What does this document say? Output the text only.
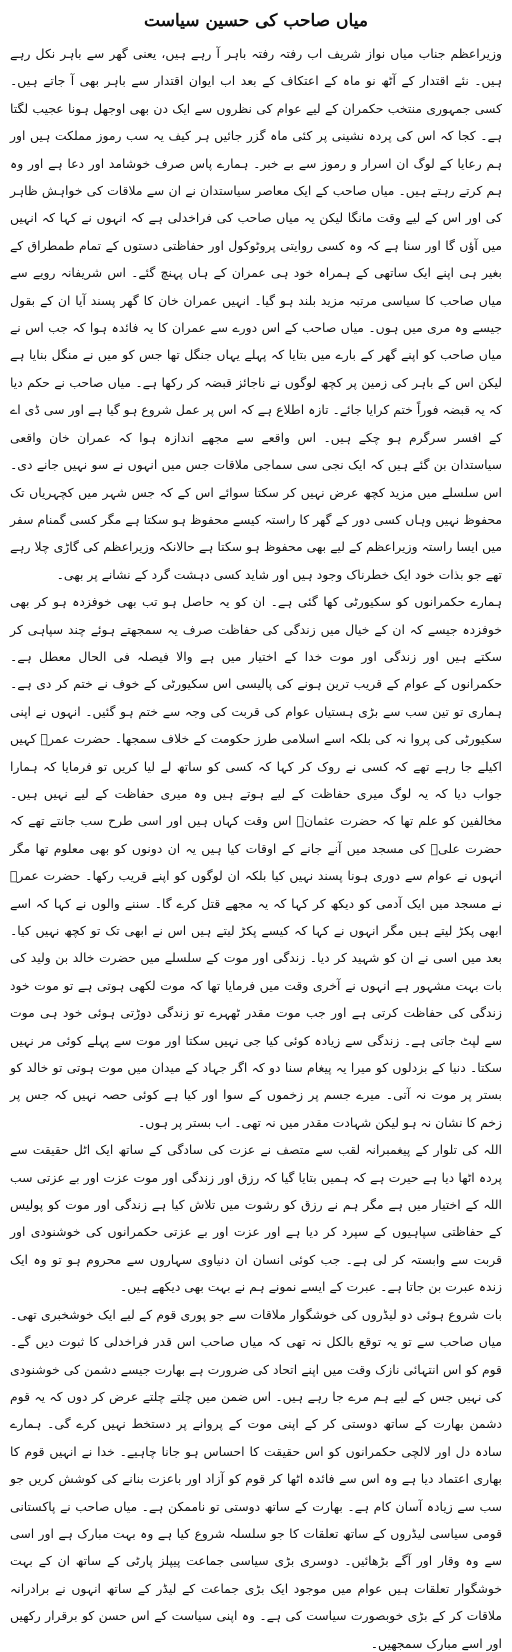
میاں صاحب کی حسین سیاست

وزیراعظم جناب میاں نواز شریف اب رفتہ رفتہ باہر آ رہے ہیں، یعنی گھر سے باہر نکل رہے ہیں۔ نئے اقتدار کے آٹھ نو ماہ کے اعتکاف کے بعد اب ایوان اقتدار سے باہر بھی آ جاتے ہیں۔ کسی جمہوری منتخب حکمران کے لیے عوام کی نظروں سے ایک دن بھی اوجھل ہونا عجیب لگتا ہے۔ کجا کہ اس کی پردہ نشینی پر کئی ماہ گزر جائیں ہر کیف یہ سب رموز مملکت ہیں اور ہم رعایا کے لوگ ان اسرار و رموز سے بے خبر۔ ہمارے پاس صرف خوشامد اور دعا ہے اور وہ ہم کرتے رہتے ہیں۔ میاں صاحب کے ایک معاصر سیاستدان نے ان سے ملاقات کی خواہش ظاہر کی اور اس کے لیے وقت مانگا لیکن یہ میاں صاحب کی فراخدلی ہے کہ انہوں نے کہا کہ انہیں میں آؤں گا اور سنا ہے کہ وہ کسی روایتی پروٹوکول اور حفاظتی دستوں کے تمام طمطراق کے بغیر ہی اپنے ایک ساتھی کے ہمراہ خود ہی عمران کے ہاں پہنچ گئے۔ اس شریفانہ رویے سے میاں صاحب کا سیاسی مرتبہ مزید بلند ہو گیا۔ انہیں عمران خان کا گھر پسند آیا ان کے بقول جیسے وہ مری میں ہوں۔ میاں صاحب کے اس دورے سے عمران کا یہ فائدہ ہوا کہ جب اس نے میاں صاحب کو اپنے گھر کے بارے میں بتایا کہ پہلے یہاں جنگل تھا جس کو میں نے منگل بنایا ہے لیکن اس کے باہر کی زمین پر کچھ لوگوں نے ناجائز قبضہ کر رکھا ہے۔ میاں صاحب نے حکم دیا کہ یہ قبضہ فوراً ختم کرایا جائے۔ تازہ اطلاع ہے کہ اس پر عمل شروع ہو گیا ہے اور سی ڈی اے کے افسر سرگرم ہو چکے ہیں۔ اس واقعے سے مجھے اندازہ ہوا کہ عمران خان واقعی سیاستدان بن گئے ہیں کہ ایک نجی سی سماجی ملاقات جس میں انہوں نے سو نہیں جانے دی۔ اس سلسلے میں مزید کچھ عرض نہیں کر سکتا سوائے اس کے کہ جس شہر میں کچہریاں تک محفوظ نہیں وہاں کسی دور کے گھر کا راستہ کیسے محفوظ ہو سکتا ہے مگر کسی گمنام سفر میں ایسا راستہ وزیراعظم کے لیے بھی محفوظ ہو سکتا ہے حالانکہ وزیراعظم کی گاڑی چلا رہے تھے جو بذات خود ایک خطرناک وجود ہیں اور شاید کسی دہشت گرد کے نشانے پر بھی۔

ہمارے حکمرانوں کو سکیورٹی کھا گئی ہے۔ ان کو یہ حاصل ہو تب بھی خوفزدہ ہو کر بھی خوفزدہ جیسے کہ ان کے خیال میں زندگی کی حفاظت صرف یہ سمجھتے ہوئے چند سپاہی کر سکتے ہیں اور زندگی اور موت خدا کے اختیار میں ہے والا فیصلہ فی الحال معطل ہے۔ حکمرانوں کے عوام کے قریب ترین ہونے کی پالیسی اس سکیورٹی کے خوف نے ختم کر دی ہے۔ ہماری تو تین سب سے بڑی ہستیاں عوام کی قربت کی وجہ سے ختم ہو گئیں۔ انہوں نے اپنی سکیورٹی کی پروا نہ کی بلکہ اسے اسلامی طرز حکومت کے خلاف سمجھا۔ حضرت عمرؓ کہیں اکیلے جا رہے تھے کہ کسی نے روک کر کہا کہ کسی کو ساتھ لے لیا کریں تو فرمایا کہ ہمارا جواب دیا کہ یہ لوگ میری حفاظت کے لیے ہوتے ہیں وہ میری حفاظت کے لیے نہیں ہیں۔ مخالفین کو علم تھا کہ حضرت عثمانؓ اس وقت کہاں ہیں اور اسی طرح سب جانتے تھے کہ حضرت علیؓ کی مسجد میں آنے جانے کے اوقات کیا ہیں یہ ان دونوں کو بھی معلوم تھا مگر انہوں نے عوام سے دوری ہونا پسند نہیں کیا بلکہ ان لوگوں کو اپنے قریب رکھا۔ حضرت عمرؓ نے مسجد میں ایک آدمی کو دیکھ کر کہا کہ یہ مجھے قتل کرے گا۔ سننے والوں نے کہا کہ اسے ابھی پکڑ لیتے ہیں مگر انہوں نے کہا کہ کیسے پکڑ لیتے ہیں اس نے ابھی تک تو کچھ نہیں کیا۔ بعد میں اسی نے ان کو شہید کر دیا۔ زندگی اور موت کے سلسلے میں حضرت خالد بن ولید کی بات بہت مشہور ہے انہوں نے آخری وقت میں فرمایا تھا کہ موت لکھی ہوتی ہے تو موت خود زندگی کی حفاظت کرتی ہے اور جب موت مقدر ٹھہرے تو زندگی دوڑتی ہوئی خود ہی موت سے لپٹ جاتی ہے۔ زندگی سے زیادہ کوئی کیا جی نہیں سکتا اور موت سے پہلے کوئی مر نہیں سکتا۔ دنیا کے بزدلوں کو میرا یہ پیغام سنا دو کہ اگر جہاد کے میدان میں موت ہوتی تو خالد کو بستر پر موت نہ آتی۔ میرے جسم پر زخموں کے سوا اور کیا ہے کوئی حصہ نہیں کہ جس پر زخم کا نشان نہ ہو لیکن شہادت مقدر میں نہ تھی۔ اب بستر پر ہوں۔

اللہ کی تلوار کے پیغمبرانہ لقب سے متصف نے عزت کی سادگی کے ساتھ ایک اٹل حقیقت سے پردہ اٹھا دیا ہے حیرت ہے کہ ہمیں بتایا گیا کہ رزق اور زندگی اور موت عزت اور بے عزتی سب اللہ کے اختیار میں ہے مگر ہم نے رزق کو رشوت میں تلاش کیا ہے زندگی اور موت کو پولیس کے حفاظتی سپاہیوں کے سپرد کر دیا ہے اور عزت اور بے عزتی حکمرانوں کی خوشنودی اور قربت سے وابستہ کر لی ہے۔ جب کوئی انسان ان دنیاوی سہاروں سے محروم ہو تو وہ ایک زندہ عبرت بن جاتا ہے۔ عبرت کے ایسے نمونے ہم نے بہت بھی دیکھے ہیں۔

بات شروع ہوئی دو لیڈروں کی خوشگوار ملاقات سے جو پوری قوم کے لیے ایک خوشخبری تھی۔ میاں صاحب سے تو یہ توقع بالکل نہ تھی کہ میاں صاحب اس قدر فراخدلی کا ثبوت دیں گے۔ قوم کو اس انتہائی نازک وقت میں اپنے اتحاد کی ضرورت ہے بھارت جیسے دشمن کی خوشنودی کی نہیں جس کے لیے ہم مرے جا رہے ہیں۔ اس ضمن میں چلتے چلتے عرض کر دوں کہ یہ قوم دشمن بھارت کے ساتھ دوستی کر کے اپنی موت کے پروانے پر دستخط نہیں کرے گی۔ ہمارے سادہ دل اور لالچی حکمرانوں کو اس حقیقت کا احساس ہو جانا چاہیے۔ خدا نے انہیں قوم کا بھاری اعتماد دیا ہے وہ اس سے فائدہ اٹھا کر قوم کو آزاد اور باعزت بنانے کی کوشش کریں جو سب سے زیادہ آسان کام ہے۔ بھارت کے ساتھ دوستی تو ناممکن ہے۔ میاں صاحب نے پاکستانی قومی سیاسی لیڈروں کے ساتھ تعلقات کا جو سلسلہ شروع کیا ہے وہ بہت مبارک ہے اور اسی سے وہ وقار اور آگے بڑھائیں۔ دوسری بڑی سیاسی جماعت پیپلز پارٹی کے ساتھ ان کے بہت خوشگوار تعلقات ہیں عوام میں موجود ایک بڑی جماعت کے لیڈر کے ساتھ انہوں نے برادرانہ ملاقات کر کے بڑی خوبصورت سیاست کی ہے۔ وہ اپنی سیاست کے اس حسن کو برقرار رکھیں اور اسے مبارک سمجھیں۔
